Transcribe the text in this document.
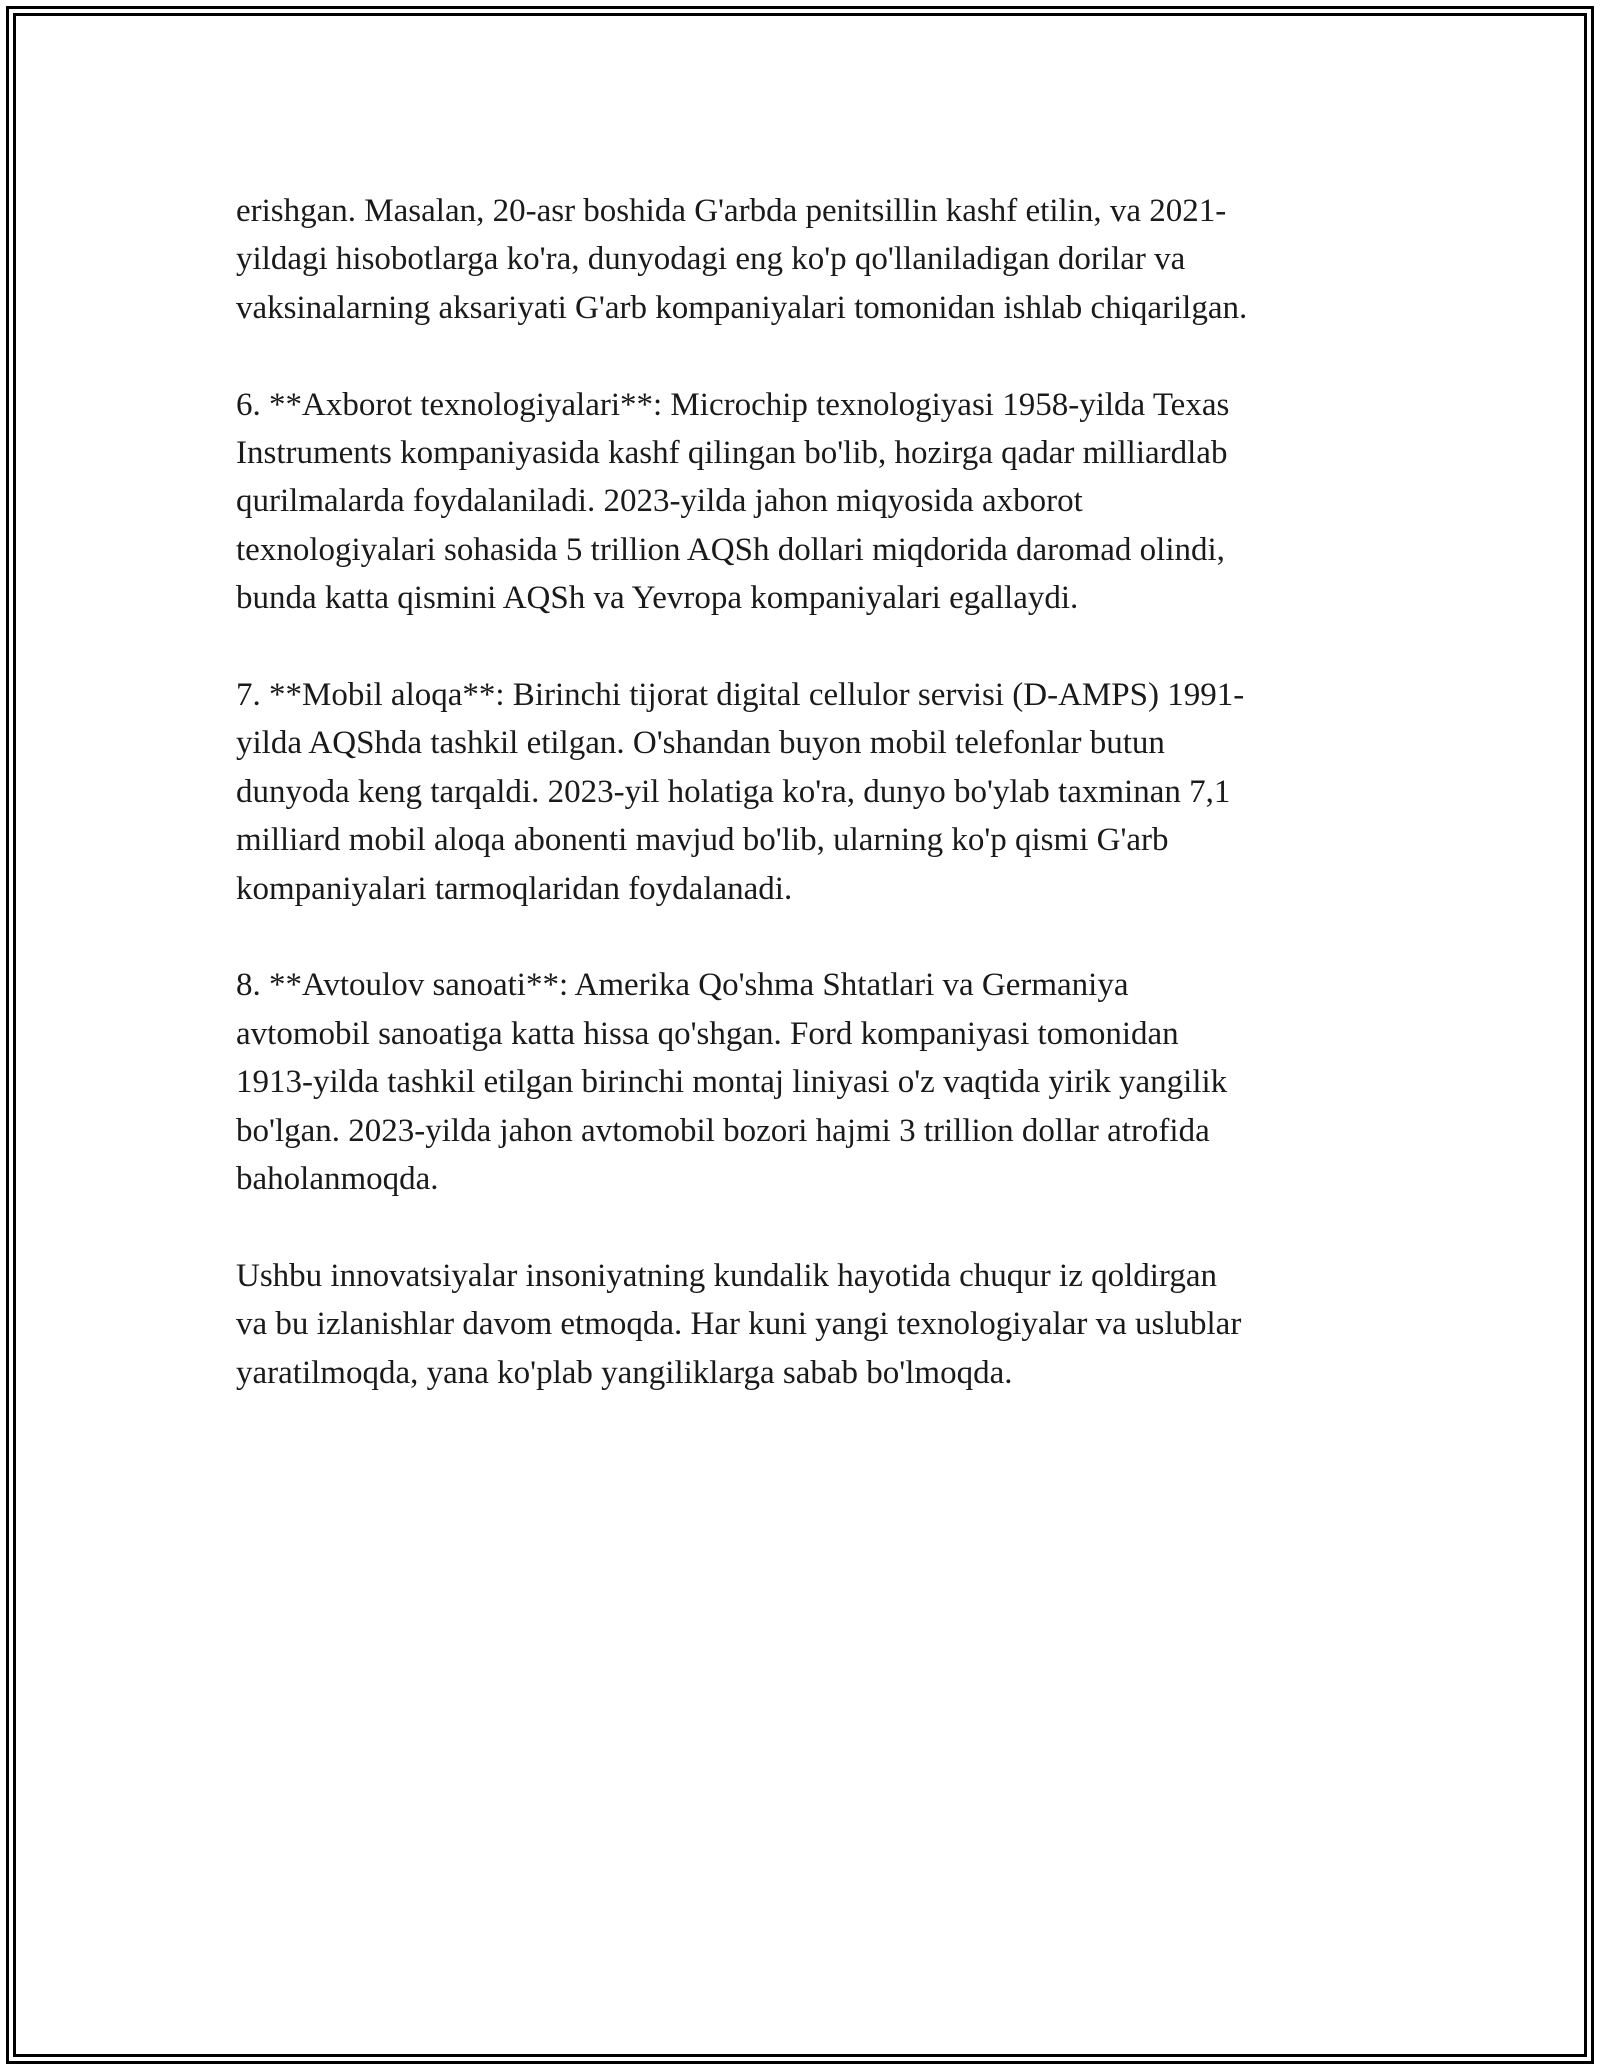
erishgan. Masalan, 20-asr boshida G'arbda penitsillin kashf etilin, va 2021-
yildagi hisobotlarga ko'ra, dunyodagi eng ko'p qo'llaniladigan dorilar va
vaksinalarning aksariyati G'arb kompaniyalari tomonidan ishlab chiqarilgan.

6. **Axborot texnologiyalari**: Microchip texnologiyasi 1958-yilda Texas
Instruments kompaniyasida kashf qilingan bo'lib, hozirga qadar milliardlab
qurilmalarda foydalaniladi. 2023-yilda jahon miqyosida axborot
texnologiyalari sohasida 5 trillion AQSh dollari miqdorida daromad olindi,
bunda katta qismini AQSh va Yevropa kompaniyalari egallaydi.

7. **Mobil aloqa**: Birinchi tijorat digital cellulor servisi (D-AMPS) 1991-
yilda AQShda tashkil etilgan. O'shandan buyon mobil telefonlar butun
dunyoda keng tarqaldi. 2023-yil holatiga ko'ra, dunyo bo'ylab taxminan 7,1
milliard mobil aloqa abonenti mavjud bo'lib, ularning ko'p qismi G'arb
kompaniyalari tarmoqlaridan foydalanadi.

8. **Avtoulov sanoati**: Amerika Qo'shma Shtatlari va Germaniya
avtomobil sanoatiga katta hissa qo'shgan. Ford kompaniyasi tomonidan
1913-yilda tashkil etilgan birinchi montaj liniyasi o'z vaqtida yirik yangilik
bo'lgan. 2023-yilda jahon avtomobil bozori hajmi 3 trillion dollar atrofida
baholanmoqda.

Ushbu innovatsiyalar insoniyatning kundalik hayotida chuqur iz qoldirgan
va bu izlanishlar davom etmoqda. Har kuni yangi texnologiyalar va uslublar
yaratilmoqda, yana ko'plab yangiliklarga sabab bo'lmoqda.
